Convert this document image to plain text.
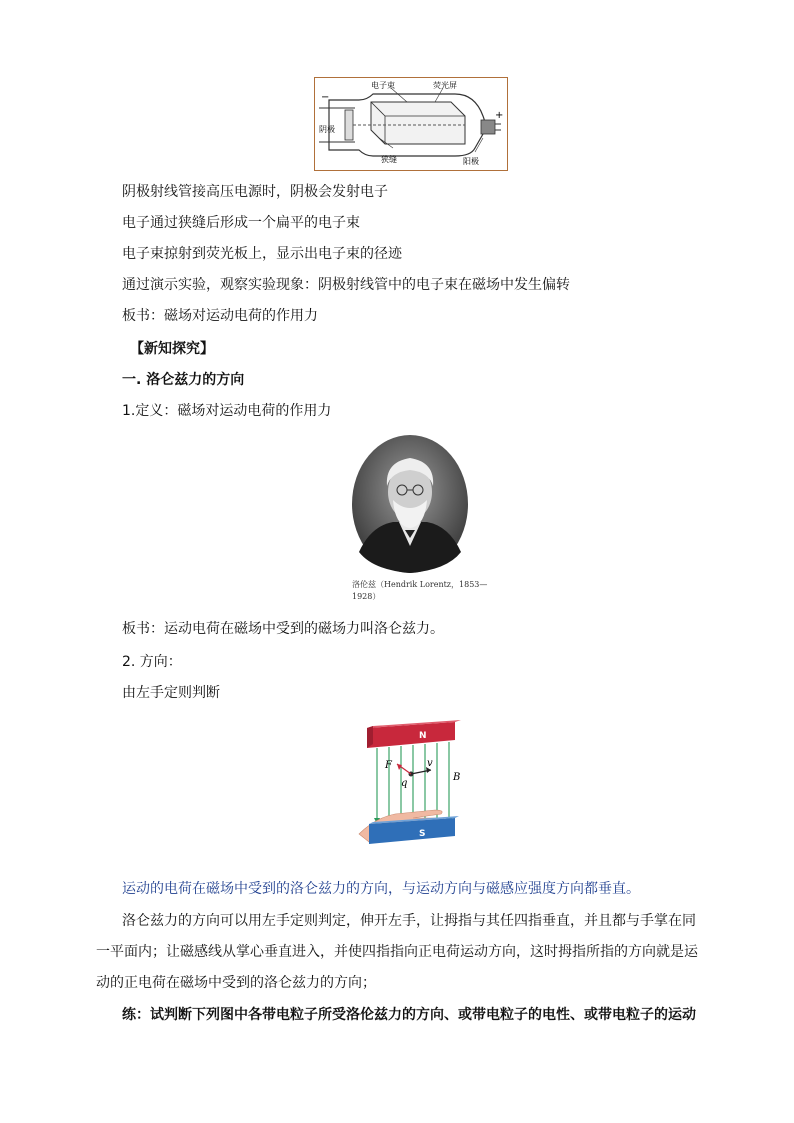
电子束	荧光屏
阴极
狭缝	阳极
−
+
阴极射线管接高压电源时，阴极会发射电子
电子通过狭缝后形成一个扁平的电子束
电子束掠射到荧光板上，显示出电子束的径迹
通过演示实验，观察实验现象：阴极射线管中的电子束在磁场中发生偏转
板书：磁场对运动电荷的作用力
【新知探究】
一. 洛仑兹力的方向
1.定义：磁场对运动电荷的作用力
洛伦兹（Hendrik Lorentz，1853—
1928）
板书：运动电荷在磁场中受到的磁场力叫洛仑兹力。
2. 方向：
由左手定则判断
N
S
F	v
q
B
运动的电荷在磁场中受到的洛仑兹力的方向，与运动方向与磁感应强度方向都垂直。
洛仑兹力的方向可以用左手定则判定，伸开左手，让拇指与其任四指垂直，并且都与手掌在同
一平面内；让磁感线从掌心垂直进入，并使四指指向正电荷运动方向，这时拇指所指的方向就是运
动的正电荷在磁场中受到的洛仑兹力的方向；
练：试判断下列图中各带电粒子所受洛伦兹力的方向、或带电粒子的电性、或带电粒子的运动
